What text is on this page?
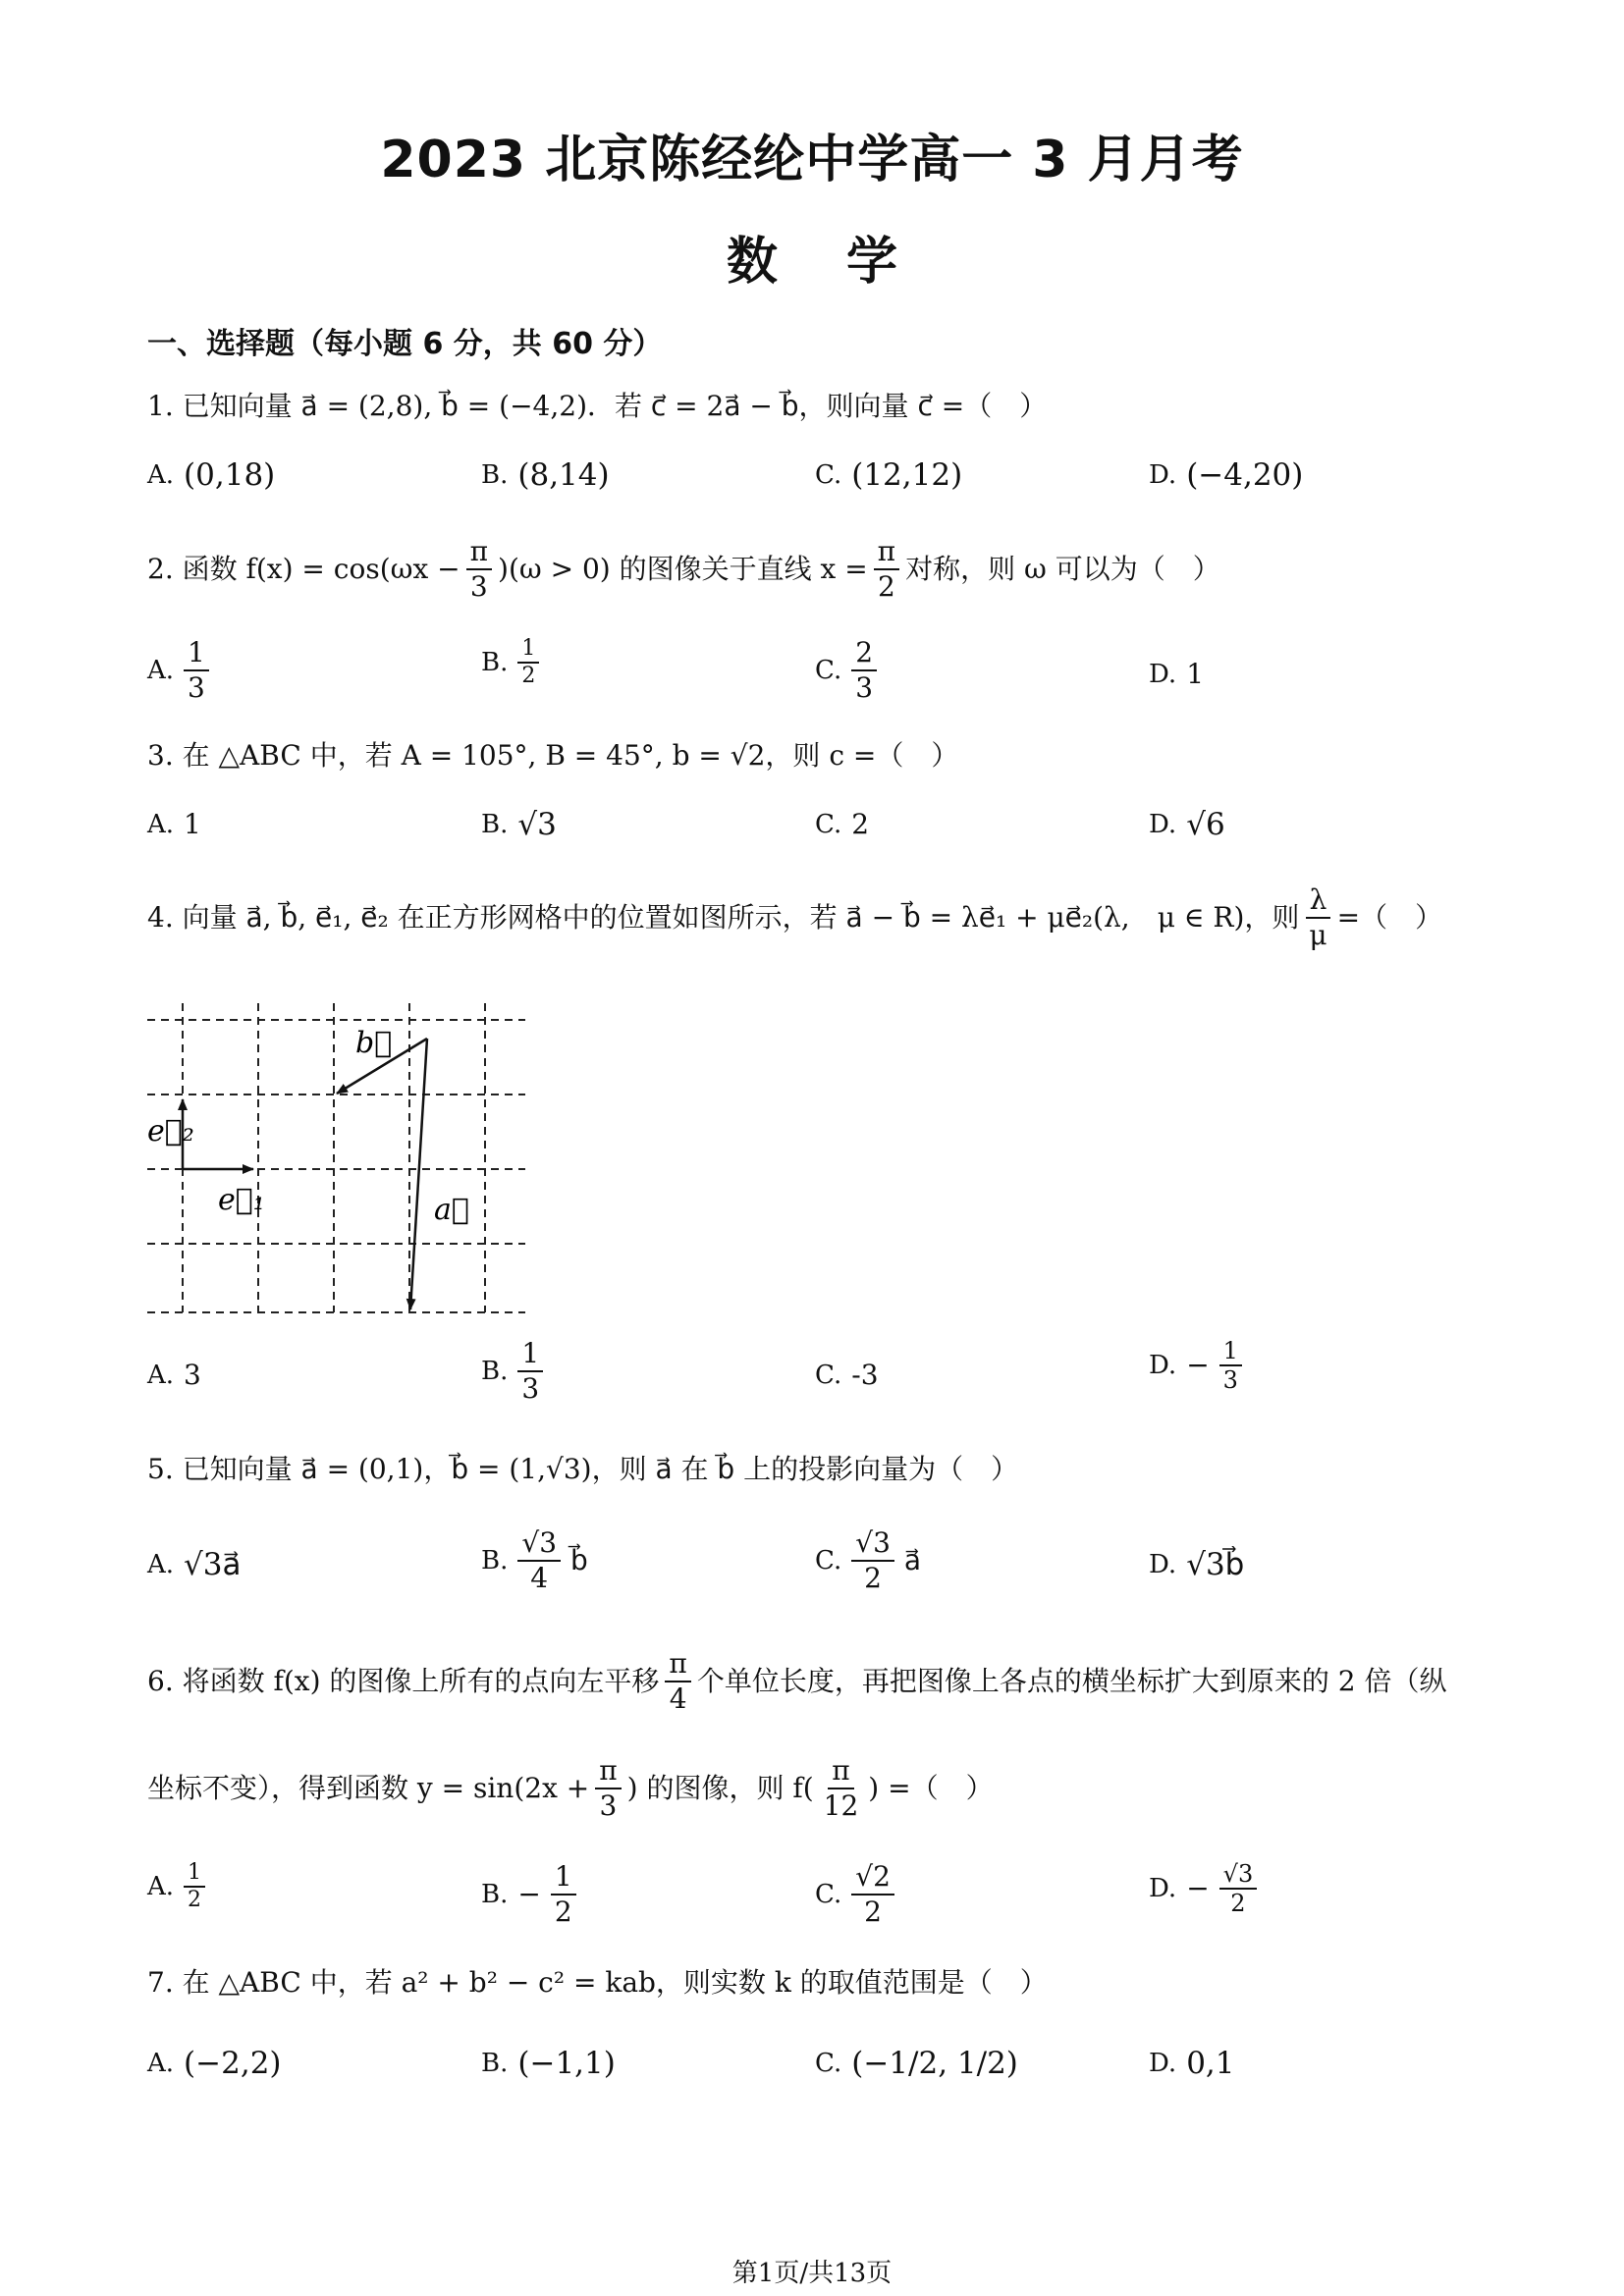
2023 北京陈经纶中学高一 3 月月考
数学
一、选择题（每小题 6 分，共 60 分）
1. 已知向量 a⃗ = (2,8), b⃗ = (−4,2)．若 c⃗ = 2a⃗ − b⃗，则向量 c⃗ =（　）
A. (0,18)	B. (8,14)	C. (12,12)	D. (−4,20)
2. 函数 $f(x) = \cos(\omega x - \frac{\pi}{3} )(\omega > 0)$ 的图像关于直线 $x = \frac{\pi}{2}$ 对称，则 ω 可以为（　）
A. $\frac{1}{3}$	B. $\frac{1}{2}$	C. $\frac{2}{3}$	D. 1
3. 在 △ABC 中，若 A = 105°, B = 45°, b = √2，则 c =（　）
A. 1	B. √3	C. 2	D. √6
4. 向量 a⃗, b⃗, e⃗₁, e⃗₂ 在正方形网格中的位置如图所示，若 a⃗ − b⃗ = λe⃗₁ + μe⃗₂(λ,　μ ∈ R)，则 $\frac{\lambda}{\mu}$ =（　）
b⃗
a⃗
e⃗₂
e⃗₁
A. 3	B. $\frac{1}{3}$	C. -3	D. − $\frac{1}{3}$
5. 已知向量 a⃗ = (0,1)，b⃗ = (1,√3)，则 a⃗ 在 b⃗ 上的投影向量为（　）
A. √3a⃗	B. $\frac{√3}{4}$ b⃗	C. $\frac{√3}{2}$ a⃗	D. √3b⃗
6. 将函数 f(x) 的图像上所有的点向左平移 $\frac{\pi}{4}$ 个单位长度，再把图像上各点的横坐标扩大到原来的 2 倍（纵
坐标不变），得到函数 $y = \sin(2x + \frac{\pi}{3}$ ) 的图像，则 $f( \frac{\pi}{12}$ ) =（　）
A. $\frac{1}{2}$	B. − $\frac{1}{2}$	C. $\frac{√2}{2}$	D. − $\frac{√3}{2}$
7. 在 △ABC 中，若 a² + b² − c² = kab，则实数 k 的取值范围是（　）
A. (−2,2)	B. (−1,1)	C. (−1/2, 1/2)	D. 0,1
第1页/共13页
